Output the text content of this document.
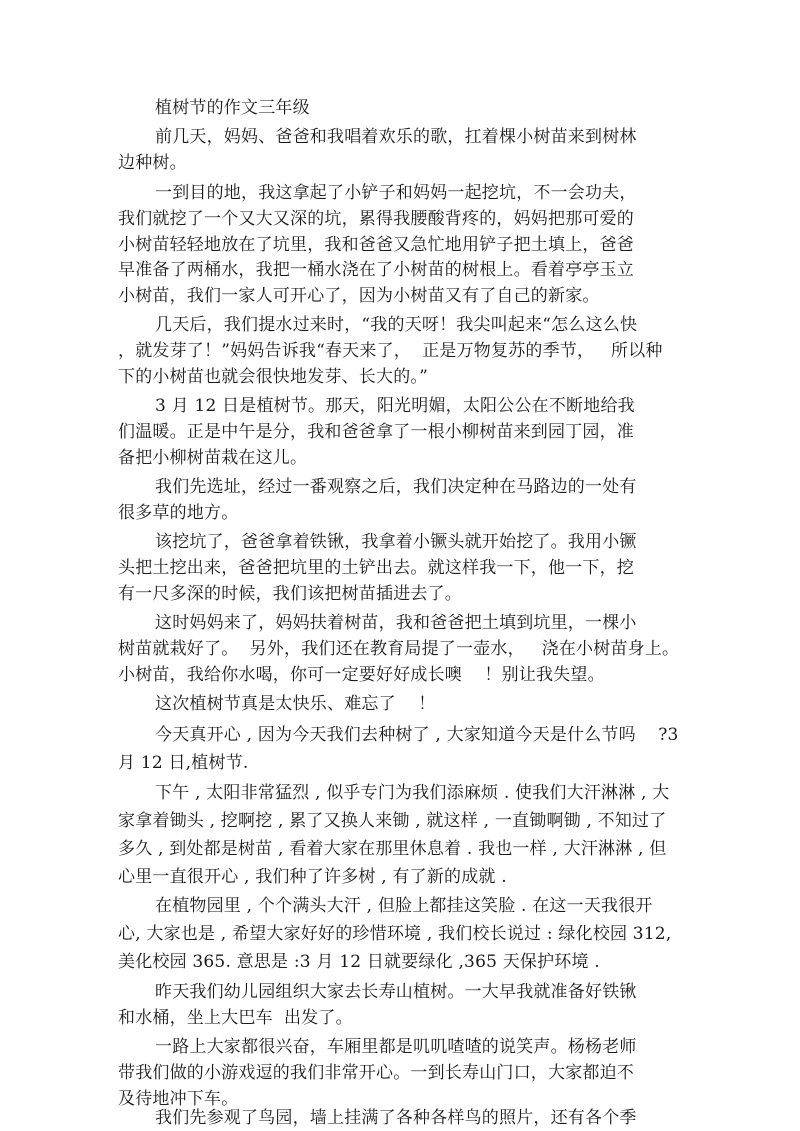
植树节的作文三年级
前几天，妈妈、爸爸和我唱着欢乐的歌，扛着棵小树苗来到树林
边种树。
一到目的地，我这拿起了小铲子和妈妈一起挖坑，不一会功夫，
我们就挖了一个又大又深的坑，累得我腰酸背疼的，妈妈把那可爱的
小树苗轻轻地放在了坑里，我和爸爸又急忙地用铲子把土填上，爸爸
早准备了两桶水，我把一桶水浇在了小树苗的树根上。看着亭亭玉立
小树苗，我们一家人可开心了，因为小树苗又有了自己的新家。
几天后，我们提水过来时，“我的天呀！我尖叫起来“怎么这么快
，就发芽了！”妈妈告诉我“春天来了，  正是万物复苏的季节，   所以种
下的小树苗也就会很快地发芽、长大的。”
3 月 12 日是植树节。那天，阳光明媚，太阳公公在不断地给我
们温暖。正是中午是分，我和爸爸拿了一根小柳树苗来到园丁园，准
备把小柳树苗栽在这儿。
我们先选址，经过一番观察之后，我们决定种在马路边的一处有
很多草的地方。
该挖坑了，爸爸拿着铁锹，我拿着小镢头就开始挖了。我用小镢
头把土挖出来，爸爸把坑里的土铲出去。就这样我一下，他一下，挖
有一尺多深的时候，我们该把树苗插进去了。
这时妈妈来了，妈妈扶着树苗，我和爸爸把土填到坑里，一棵小
树苗就栽好了。  另外，我们还在教育局提了一壶水，   浇在小树苗身上。
小树苗，我给你水喝，你可一定要好好成长噢    ！别让我失望。
这次植树节真是太快乐、难忘了    ！
今天真开心 , 因为今天我们去种树了 , 大家知道今天是什么节吗    ?3
月 12 日,植树节.
下午 , 太阳非常猛烈 , 似乎专门为我们添麻烦 . 使我们大汗淋淋 , 大
家拿着锄头 , 挖啊挖 , 累了又换人来锄 , 就这样 , 一直锄啊锄 , 不知过了
多久 , 到处都是树苗 , 看着大家在那里休息着 . 我也一样 , 大汗淋淋 , 但
心里一直很开心 , 我们种了许多树 , 有了新的成就 .
在植物园里 , 个个满头大汗 , 但脸上都挂这笑脸 . 在这一天我很开
心, 大家也是 , 希望大家好好的珍惜环境 , 我们校长说过 : 绿化校园 312,
美化校园 365. 意思是 :3 月 12 日就要绿化 ,365 天保护环境 .
昨天我们幼儿园组织大家去长寿山植树。一大早我就准备好铁锹
和水桶，坐上大巴车  出发了。
一路上大家都很兴奋，车厢里都是叽叽喳喳的说笑声。杨杨老师
带我们做的小游戏逗的我们非常开心。一到长寿山门口，大家都迫不
及待地冲下车。
我们先参观了鸟园，墙上挂满了各种各样鸟的照片，还有各个季
